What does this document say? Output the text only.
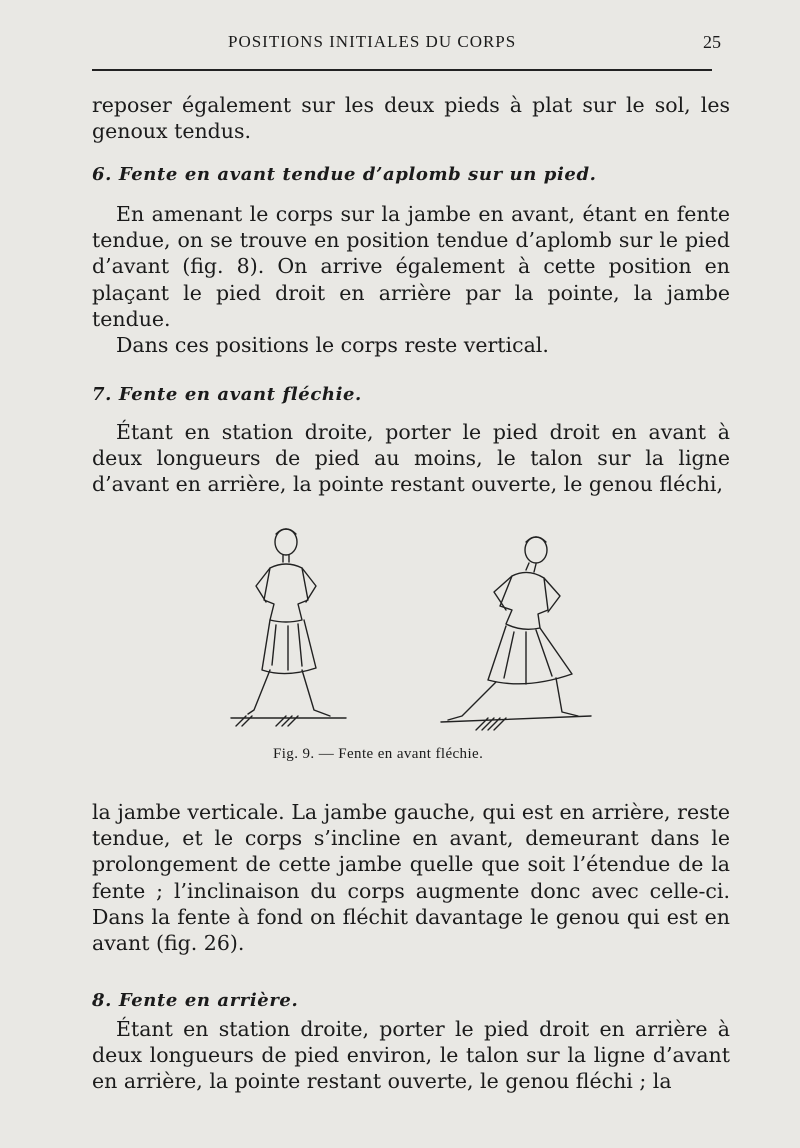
POSITIONS INITIALES DU CORPS	25

reposer également sur les deux pieds à plat sur le sol, les genoux tendus.

6. Fente en avant tendue d’aplomb sur un pied.

En amenant le corps sur la jambe en avant, étant en fente tendue, on se trouve en position tendue d’aplomb sur le pied d’avant (fig. 8). On arrive également à cette position en plaçant le pied droit en arrière par la pointe, la jambe tendue.

Dans ces positions le corps reste vertical.

7. Fente en avant fléchie.

Étant en station droite, porter le pied droit en avant à deux longueurs de pied au moins, le talon sur la ligne d’avant en arrière, la pointe restant ouverte, le genou fléchi,

Fig. 9. — Fente en avant fléchie.

la jambe verticale. La jambe gauche, qui est en arrière, reste tendue, et le corps s’incline en avant, demeurant dans le prolongement de cette jambe quelle que soit l’étendue de la fente ; l’inclinaison du corps augmente donc avec celle-ci. Dans la fente à fond on fléchit davantage le genou qui est en avant (fig. 26).

8. Fente en arrière.

Étant en station droite, porter le pied droit en arrière à deux longueurs de pied environ, le talon sur la ligne d’avant en arrière, la pointe restant ouverte, le genou fléchi ; la
